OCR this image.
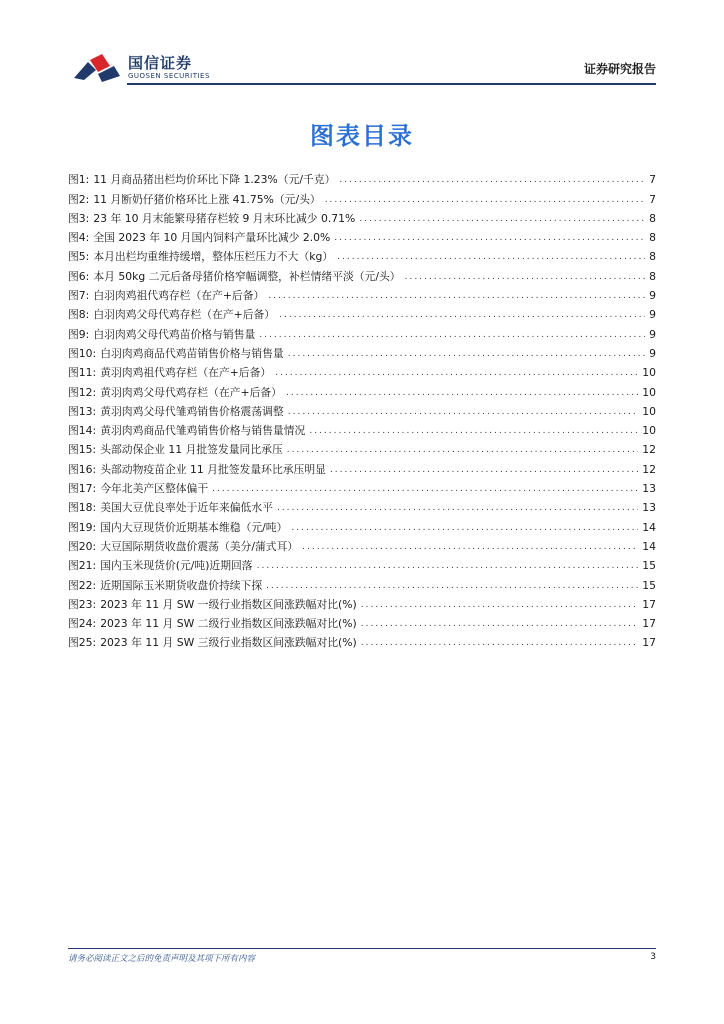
国信证券
GUOSEN SECURITIES	证券研究报告
图表目录
图1: 11 月商品猪出栏均价环比下降 1.23%（元/千克） .....	7
图2: 11 月断奶仔猪价格环比上涨 41.75%（元/头） .....	7
图3: 23 年 10 月末能繁母猪存栏较 9 月末环比减少 0.71% .....	8
图4: 全国 2023 年 10 月国内饲料产量环比减少 2.0% .....	8
图5: 本月出栏均重维持缓增，整体压栏压力不大（kg） .....	8
图6: 本月 50kg 二元后备母猪价格窄幅调整，补栏情绪平淡（元/头） .....	8
图7: 白羽肉鸡祖代鸡存栏（在产+后备） .....	9
图8: 白羽肉鸡父母代鸡存栏（在产+后备） .....	9
图9: 白羽肉鸡父母代鸡苗价格与销售量 .....	9
图10: 白羽肉鸡商品代鸡苗销售价格与销售量 .....	9
图11: 黄羽肉鸡祖代鸡存栏（在产+后备） .....	10
图12: 黄羽肉鸡父母代鸡存栏（在产+后备） .....	10
图13: 黄羽肉鸡父母代雏鸡销售价格震荡调整 .....	10
图14: 黄羽肉鸡商品代雏鸡销售价格与销售量情况 .....	10
图15: 头部动保企业 11 月批签发量同比承压 .....	12
图16: 头部动物疫苗企业 11 月批签发量环比承压明显 .....	12
图17: 今年北美产区整体偏干 .....	13
图18: 美国大豆优良率处于近年来偏低水平 .....	13
图19: 国内大豆现货价近期基本维稳（元/吨） .....	14
图20: 大豆国际期货收盘价震荡（美分/蒲式耳） .....	14
图21: 国内玉米现货价(元/吨)近期回落 .....	15
图22: 近期国际玉米期货收盘价持续下探 .....	15
图23: 2023 年 11 月 SW 一级行业指数区间涨跌幅对比(%) .....	17
图24: 2023 年 11 月 SW 二级行业指数区间涨跌幅对比(%) .....	17
图25: 2023 年 11 月 SW 三级行业指数区间涨跌幅对比(%) .....	17
请务必阅读正文之后的免责声明及其项下所有内容	3
